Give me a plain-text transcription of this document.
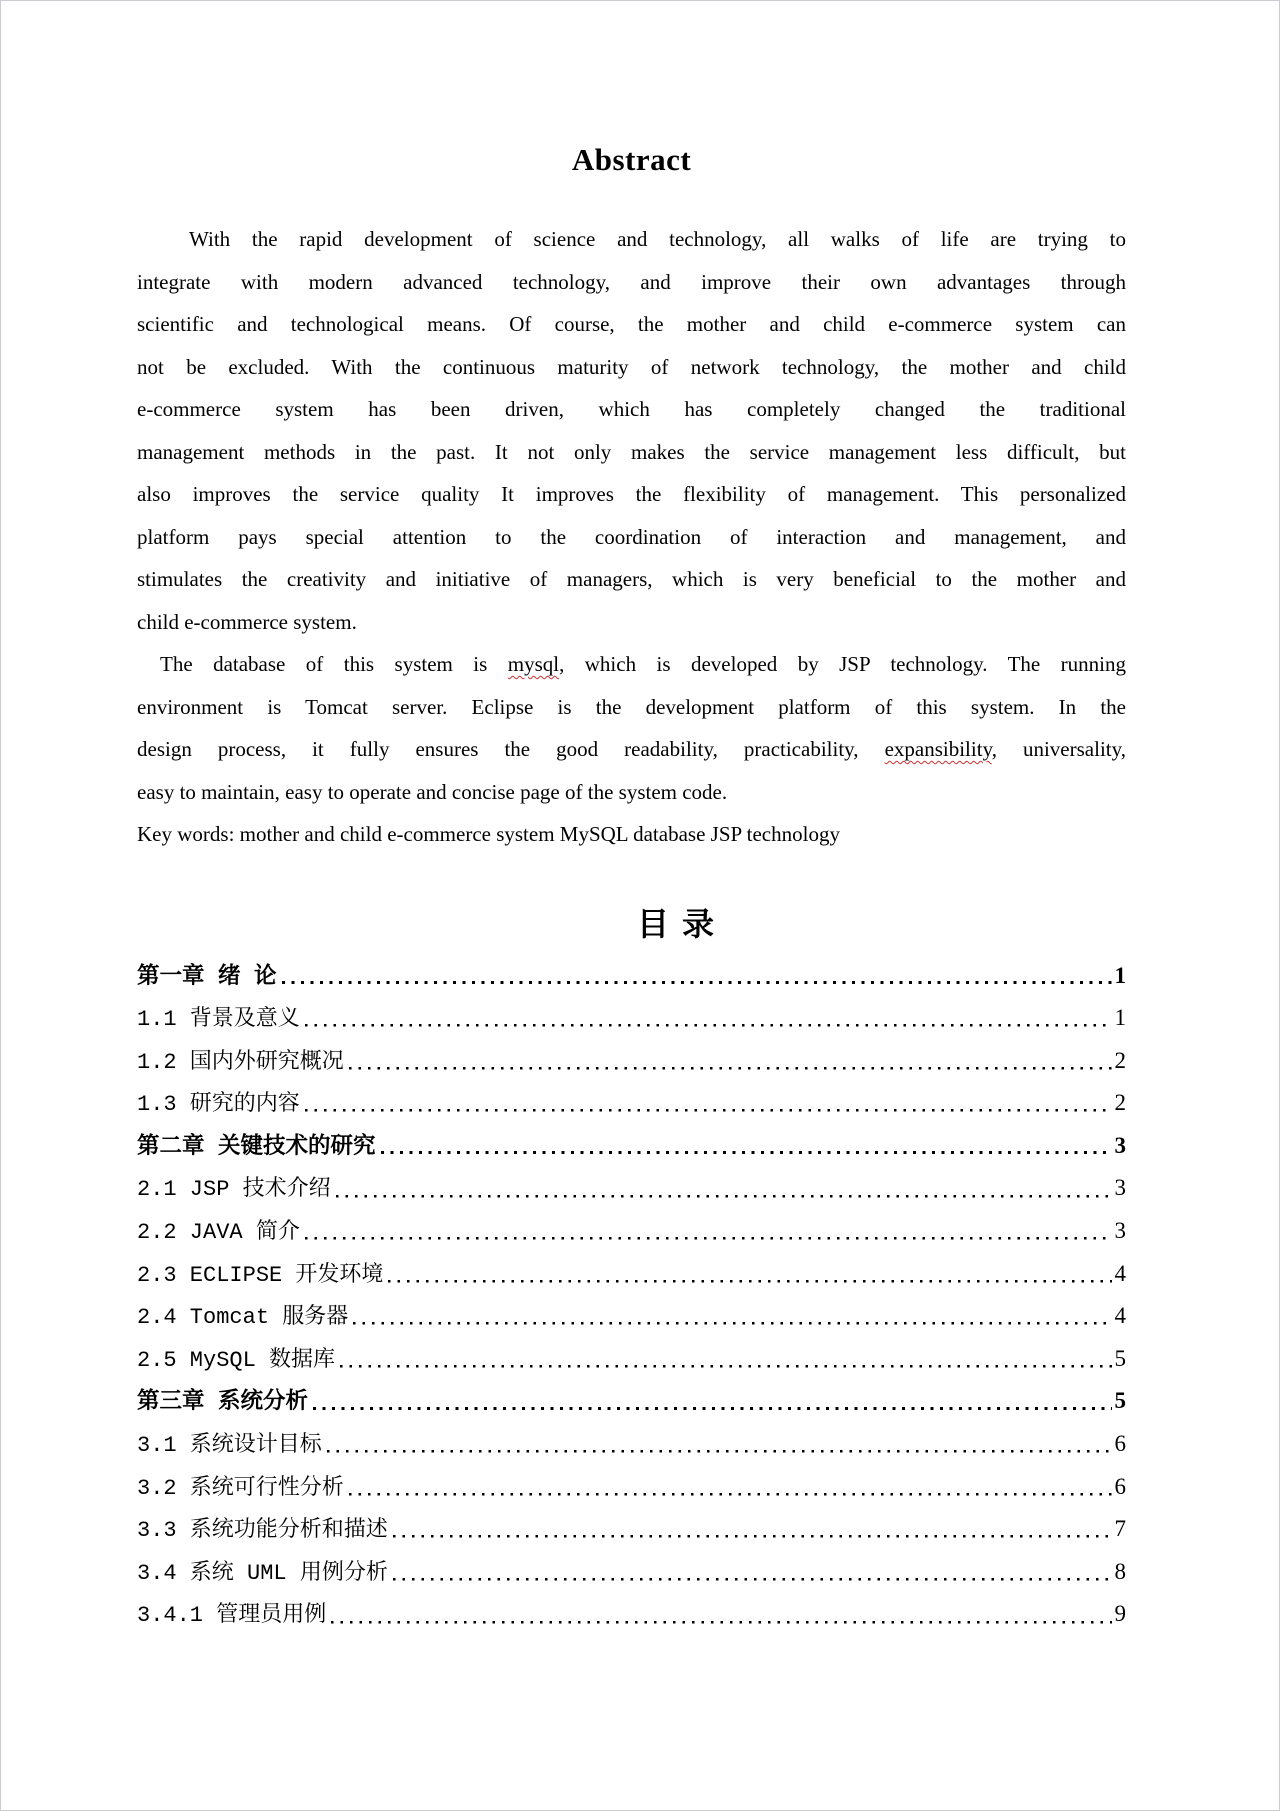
Abstract
With the rapid development of science and technology, all walks of life are trying to
integrate with modern advanced technology, and improve their own advantages through
scientific and technological means. Of course, the mother and child e-commerce system can
not be excluded. With the continuous maturity of network technology, the mother and child
e-commerce system has been driven, which has completely changed the traditional
management methods in the past. It not only makes the service management less difficult, but
also improves the service quality It improves the flexibility of management. This personalized
platform pays special attention to the coordination of interaction and management, and
stimulates the creativity and initiative of managers, which is very beneficial to the mother and
child e-commerce system.
The database of this system is mysql, which is developed by JSP technology. The running
environment is Tomcat server. Eclipse is the development platform of this system. In the
design process, it fully ensures the good readability, practicability, expansibility, universality,
easy to maintain, easy to operate and concise page of the system code.
Key words: mother and child e-commerce system MySQL database JSP technology
目 录
第一章 绪 论	1
1.1 背景及意义	1
1.2 国内外研究概况	2
1.3 研究的内容	2
第二章 关键技术的研究	3
2.1 JSP 技术介绍	3
2.2 JAVA 简介	3
2.3 ECLIPSE 开发环境	4
2.4 Tomcat 服务器	4
2.5 MySQL 数据库	5
第三章 系统分析	5
3.1 系统设计目标	6
3.2 系统可行性分析	6
3.3 系统功能分析和描述	7
3.4 系统 UML 用例分析	8
3.4.1 管理员用例	9
